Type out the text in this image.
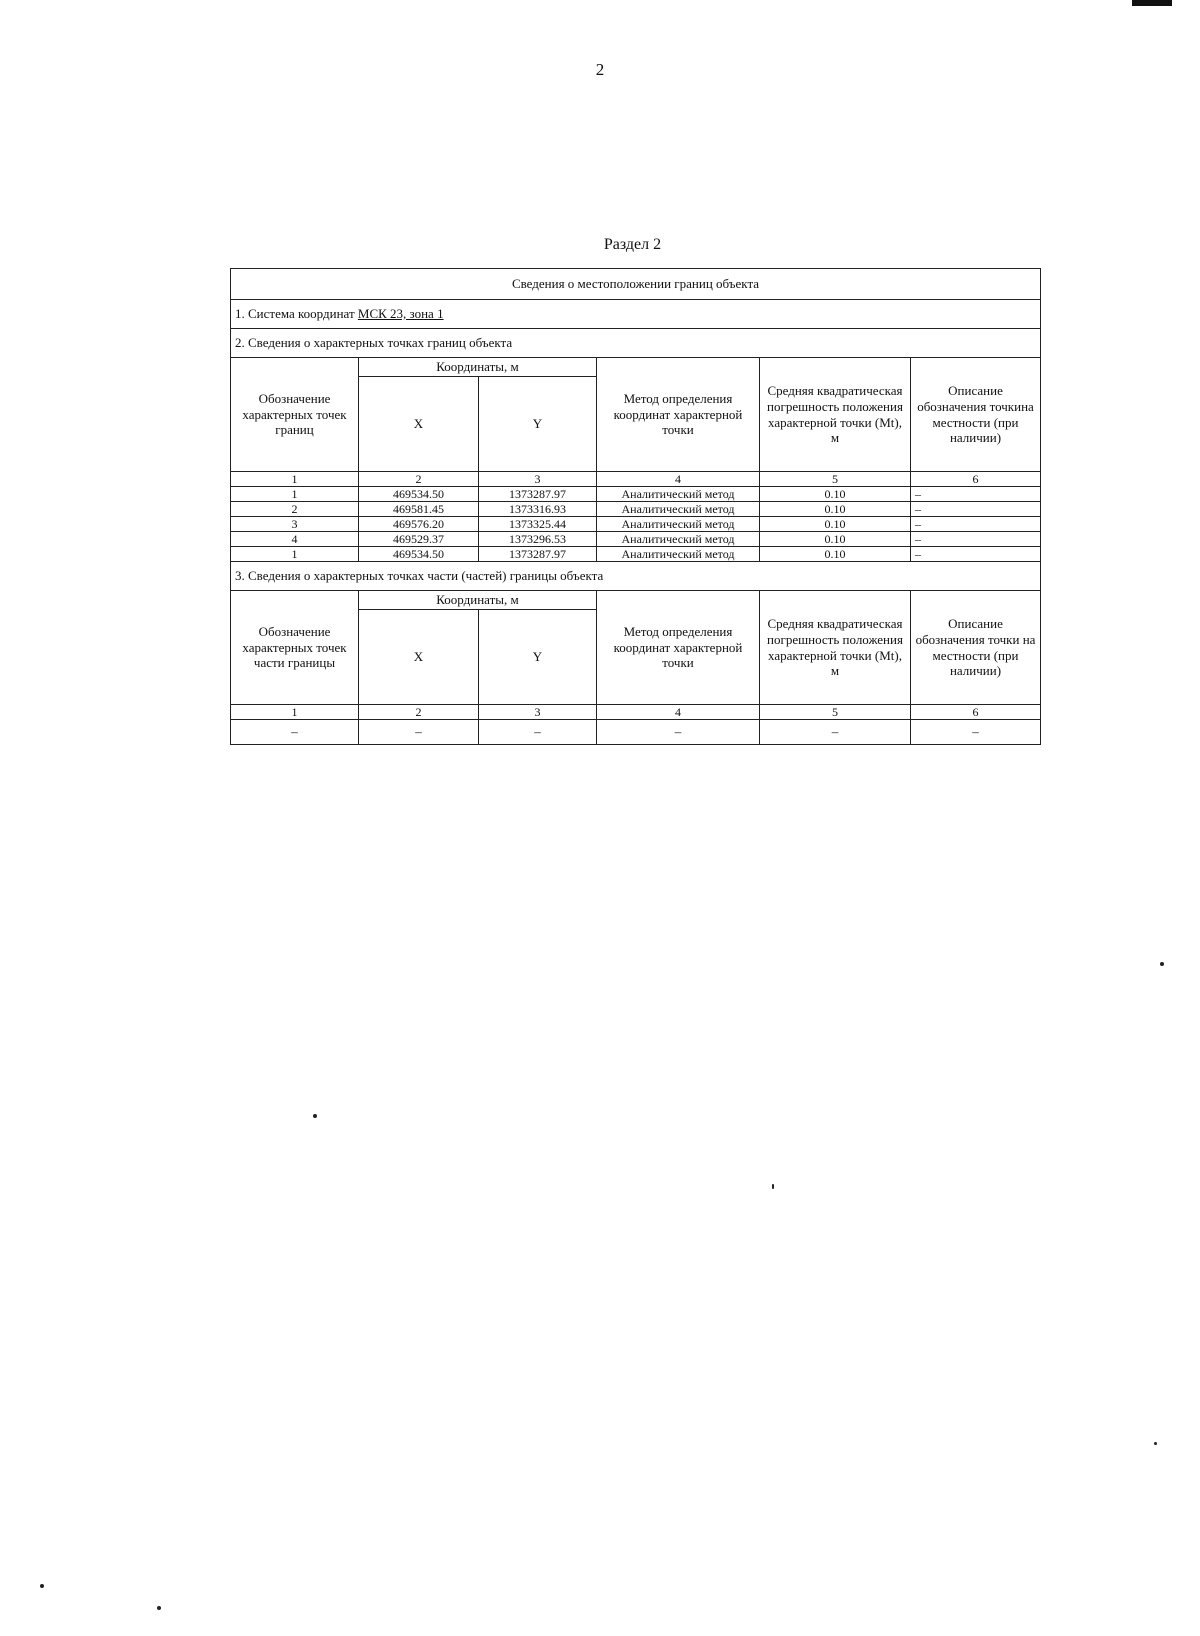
2
Раздел 2
Сведения о местоположении границ объекта					
1. Система координат МСК 23, зона 1					
2. Сведения о характерных точках границ объекта					
Обозначение характерных точек границ	Координаты, м		Метод определения координат характерной точки	Средняя квадратическая погрешность положения характерной точки (Mt), м	Описание обозначения точкина местности (при наличии)
	X	Y			
1	2	3	4	5	6
1	469534.50	1373287.97	Аналитический метод	0.10	–
2	469581.45	1373316.93	Аналитический метод	0.10	–
3	469576.20	1373325.44	Аналитический метод	0.10	–
4	469529.37	1373296.53	Аналитический метод	0.10	–
1	469534.50	1373287.97	Аналитический метод	0.10	–
3. Сведения о характерных точках части (частей) границы объекта					
Обозначение характерных точек части границы	Координаты, м		Метод определения координат характерной точки	Средняя квадратическая погрешность положения характерной точки (Mt), м	Описание обозначения точки на местности (при наличии)
	X	Y			
1	2	3	4	5	6
–	–	–	–	–	–
